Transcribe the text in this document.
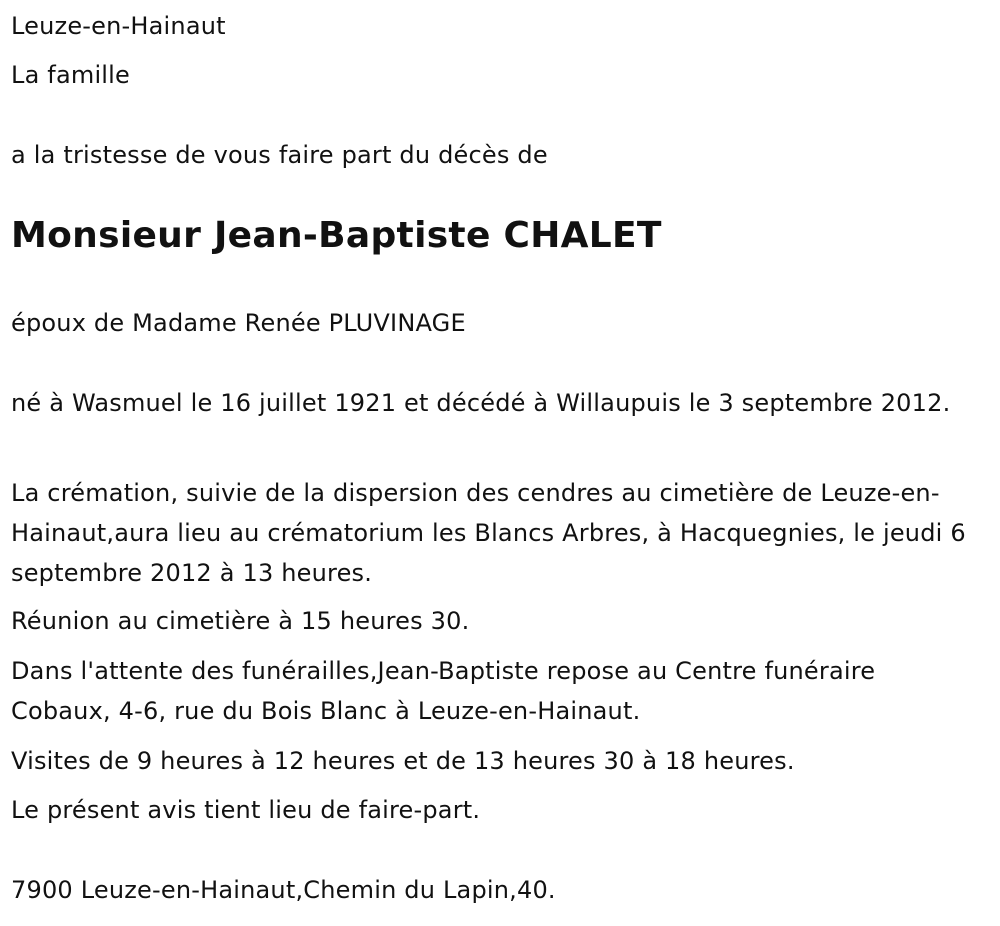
Leuze-en-Hainaut

La famille

a la tristesse de vous faire part du décès de

Monsieur Jean-Baptiste CHALET

époux de Madame Renée PLUVINAGE

né à Wasmuel le 16 juillet 1921 et décédé à Willaupuis le 3 septembre 2012.

La crémation, suivie de la dispersion des cendres au cimetière de Leuze-en-Hainaut,aura lieu au crématorium les Blancs Arbres, à Hacquegnies, le jeudi 6 septembre 2012 à 13 heures.

Réunion au cimetière à 15 heures 30.

Dans l'attente des funérailles,Jean-Baptiste repose au Centre funéraire Cobaux, 4-6, rue du Bois Blanc à Leuze-en-Hainaut.

Visites de 9 heures à 12 heures et de 13 heures 30 à 18 heures.

Le présent avis tient lieu de faire-part.

7900 Leuze-en-Hainaut,Chemin du Lapin,40.
